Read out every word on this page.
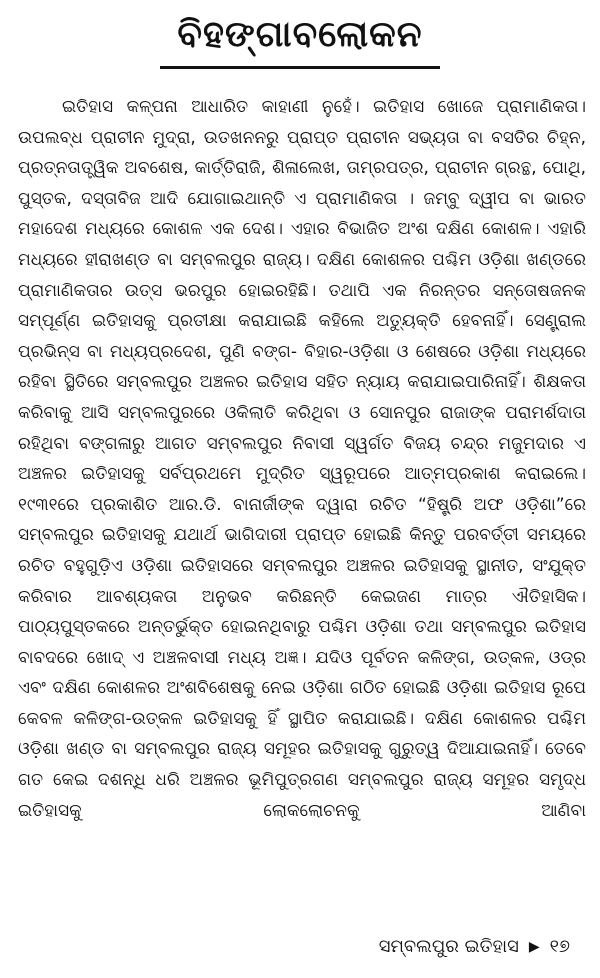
ବିହଙ୍ଗାବଲୋକନ

ଇତିହାସ କଳ୍ପନା ଆଧାରିତ କାହାଣୀ ନୁହେଁ। ଇତିହାସ ଖୋଜେ ପ୍ରାମାଣିକତା। ଉପଲବ୍ଧ ପ୍ରାଚୀନ ମୁଦ୍ରା, ଉତଖନନରୁ ପ୍ରାପ୍ତ ପ୍ରାଚୀନ ସଭ୍ୟତା ବା ବସତିର ଚିହ୍ନ, ପ୍ରତ୍ନତାତ୍ତ୍ୱିକ ଅବଶେଷ, କାର୍ତ୍ତିରାଜି, ଶିଳାଲେଖ, ତାମ୍ରପତ୍ର, ପ୍ରାଚୀନ ଗ୍ରନ୍ଥ, ପୋଥି, ପୁସ୍ତକ, ଦସ୍ତାବିଜ ଆଦି ଯୋଗାଇଥାନ୍ତି ଏ ପ୍ରାମାଣିକତା । ଜମ୍ବୁ ଦ୍ୱୀପ ବା ଭାରତ ମହାଦେଶ ମଧ୍ୟରେ କୋଶଳ ଏକ ଦେଶ। ଏହାର ବିଭାଜିତ ଅଂଶ ଦକ୍ଷିଣ କୋଶଳ। ଏହାରି ମଧ୍ୟରେ ହୀରାଖଣ୍ଡ ବା ସମ୍ବଲପୁର ରାଜ୍ୟ। ଦକ୍ଷିଣ କୋଶଳର ପଶ୍ଚିମ ଓଡ଼ିଶା ଖଣ୍ଡରେ ପ୍ରାମାଣିକତାର ଉତ୍ସ ଭରପୁର ହୋଇରହିଛି। ତଥାପି ଏକ ନିରନ୍ତର ସନ୍ତୋଷଜନକ ସମ୍ପୂର୍ଣ୍ଣ ଇତିହାସକୁ ପ୍ରତୀକ୍ଷା କରାଯାଇଛି କହିଲେ ଅତ୍ୟୁକ୍ତି ହେବନାହିଁ। ସେଣ୍ଟ୍ରାଲ ପ୍ରଭିନ୍ସ ବା ମଧ୍ୟପ୍ରଦେଶ, ପୁଣି ବଙ୍ଗ- ବିହାର-ଓଡ଼ିଶା ଓ ଶେଷରେ ଓଡ଼ିଶା ମଧ୍ୟରେ ରହିବା ସ୍ଥିତିରେ ସମ୍ବଲପୁର ଅଞ୍ଚଳର ଇତିହାସ ସହିତ ନ୍ୟାୟ କରାଯାଇପାରିନାହିଁ। ଶିକ୍ଷକତା କରିବାକୁ ଆସି ସମ୍ବଲପୁରରେ ଓକିଲାତି କରିଥିବା ଓ ସୋନପୁର ରାଜାଙ୍କ ପରାମର୍ଶଦାତା ରହିଥିବା ବଙ୍ଗଳାରୁ ଆଗତ ସମ୍ବଲପୁର ନିବାସୀ ସ୍ୱର୍ଗତ ବିଜୟ ଚନ୍ଦ୍ର ମଜୁମଦାର ଏ ଅଞ୍ଚଳର ଇତିହାସକୁ ସର୍ବପ୍ରଥମେ ମୁଦ୍ରିତ ସ୍ୱରୂପରେ ଆତ୍ମପ୍ରକାଶ କରାଇଲେ। ୧୯୩୧ରେ ପ୍ରକାଶିତ ଆର.ଡି. ବାନାର୍ଜୀଙ୍କ ଦ୍ୱାରା ରଚିତ “ହିଷ୍ଟ୍ରି ଅଫ ଓଡ଼ିଶା”ରେ ସମ୍ବଲପୁର ଇତିହାସକୁ ଯଥାର୍ଥ ଭାଗିଦାରୀ ପ୍ରାପ୍ତ ହୋଇଛି କିନ୍ତୁ ପରବର୍ତ୍ତୀ ସମୟରେ ରଚିତ ବହୁଗୁଡ଼ିଏ ଓଡ଼ିଶା ଇତିହାସରେ ସମ୍ବଲପୁର ଅଞ୍ଚଳର ଇତିହାସକୁ ସ୍ଥାନୀତ, ସଂଯୁକ୍ତ କରିବାର ଆବଶ୍ୟକତା ଅନୁଭବ କରିଛନ୍ତି କେଇଜଣ ମାତ୍ର ଐତିହାସିକ। ପାଠ୍ୟପୁସ୍ତକରେ ଅନ୍ତର୍ଭୁକ୍ତ ହୋଇନଥିବାରୁ ପଶ୍ଚିମ ଓଡ଼ିଶା ତଥା ସମ୍ବଲପୁର ଇତିହାସ ବାବଦରେ ଖୋଦ୍ ଏ ଅଞ୍ଚଳବାସୀ ମଧ୍ୟ ଅଜ୍ଞ। ଯଦିଓ ପୂର୍ବତନ କଳିଙ୍ଗ, ଉତ୍କଳ, ଓଡ୍ର ଏବଂ ଦକ୍ଷିଣ କୋଶଳର ଅଂଶବିଶେଷକୁ ନେଇ ଓଡ଼ିଶା ଗଠିତ ହୋଇଛି ଓଡ଼ିଶା ଇତିହାସ ରୂପେ କେବଳ କଳିଙ୍ଗ-ଉତ୍କଳ ଇତିହାସକୁ ହିଁ ସ୍ଥାପିତ କରାଯାଇଛି। ଦକ୍ଷିଣ କୋଶଳର ପଶ୍ଚିମ ଓଡ଼ିଶା ଖଣ୍ଡ ବା ସମ୍ବଲପୁର ରାଜ୍ୟ ସମୂହର ଇତିହାସକୁ ଗୁରୁତ୍ୱ ଦିଆଯାଇନାହିଁ। ତେବେ ଗତ କେଇ ଦଶନ୍ଧି ଧରି ଅଞ୍ଚଳର ଭୂମିପୁତ୍ରଗଣ ସମ୍ବଲପୁର ରାଜ୍ୟ ସମୂହର ସମୃଦ୍ଧ ଇତିହାସକୁ ଲୋକଲୋଚନକୁ ଆଣିବା

ସମ୍ବଲପୁର ଇତିହାସ ▶ ୧୭
